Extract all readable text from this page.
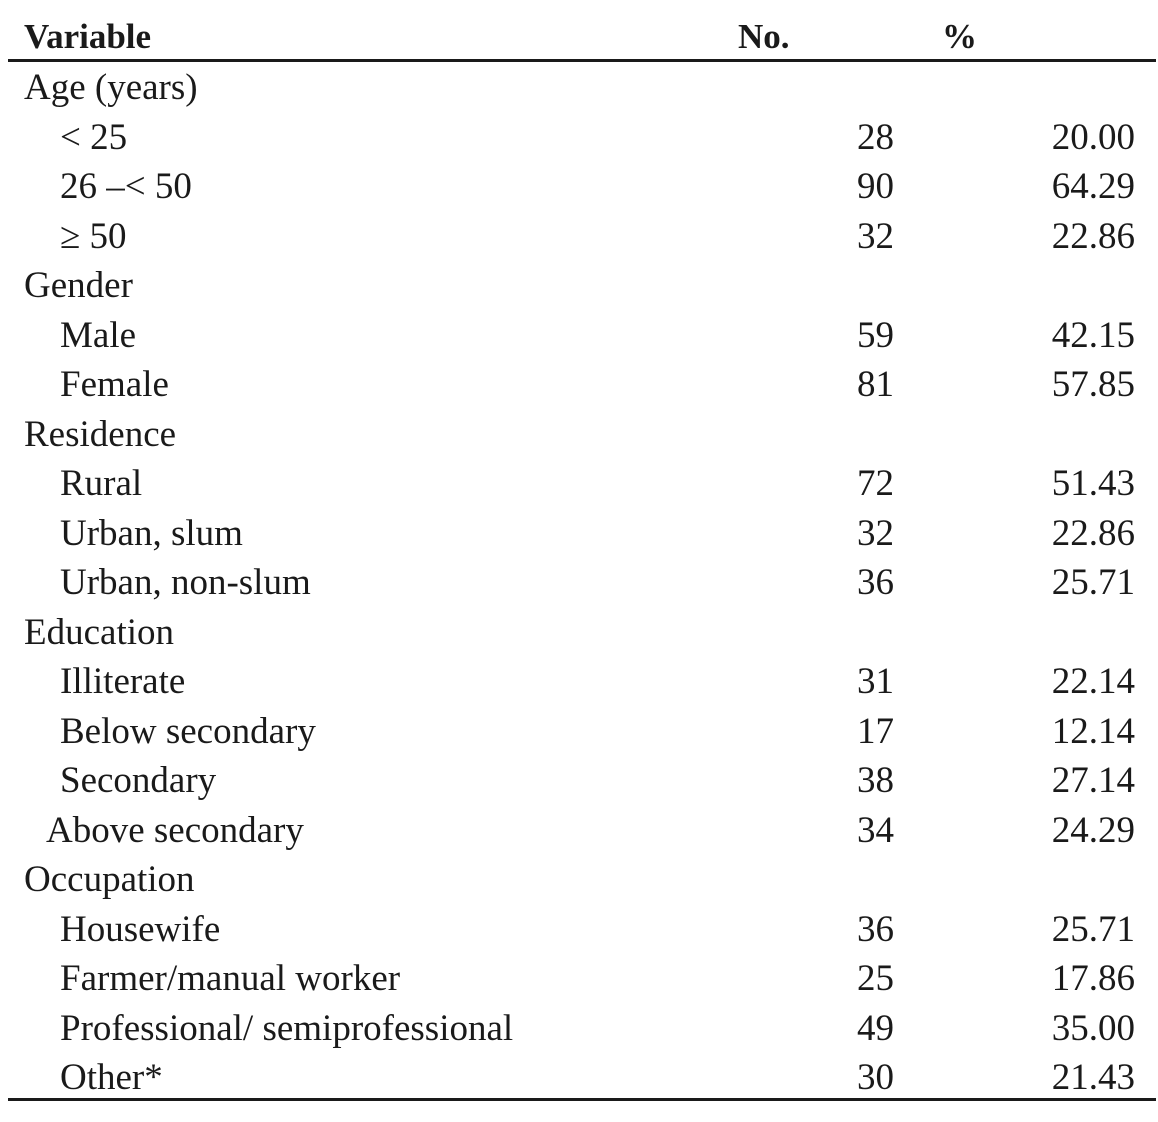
Variable	No.	%
Age (years)
< 25	28	20.00
26 –< 50	90	64.29
≥ 50	32	22.86
Gender
Male	59	42.15
Female	81	57.85
Residence
Rural	72	51.43
Urban, slum	32	22.86
Urban, non-slum	36	25.71
Education
Illiterate	31	22.14
Below secondary	17	12.14
Secondary	38	27.14
Above secondary	34	24.29
Occupation
Housewife	36	25.71
Farmer/manual worker	25	17.86
Professional/ semiprofessional	49	35.00
Other*	30	21.43
